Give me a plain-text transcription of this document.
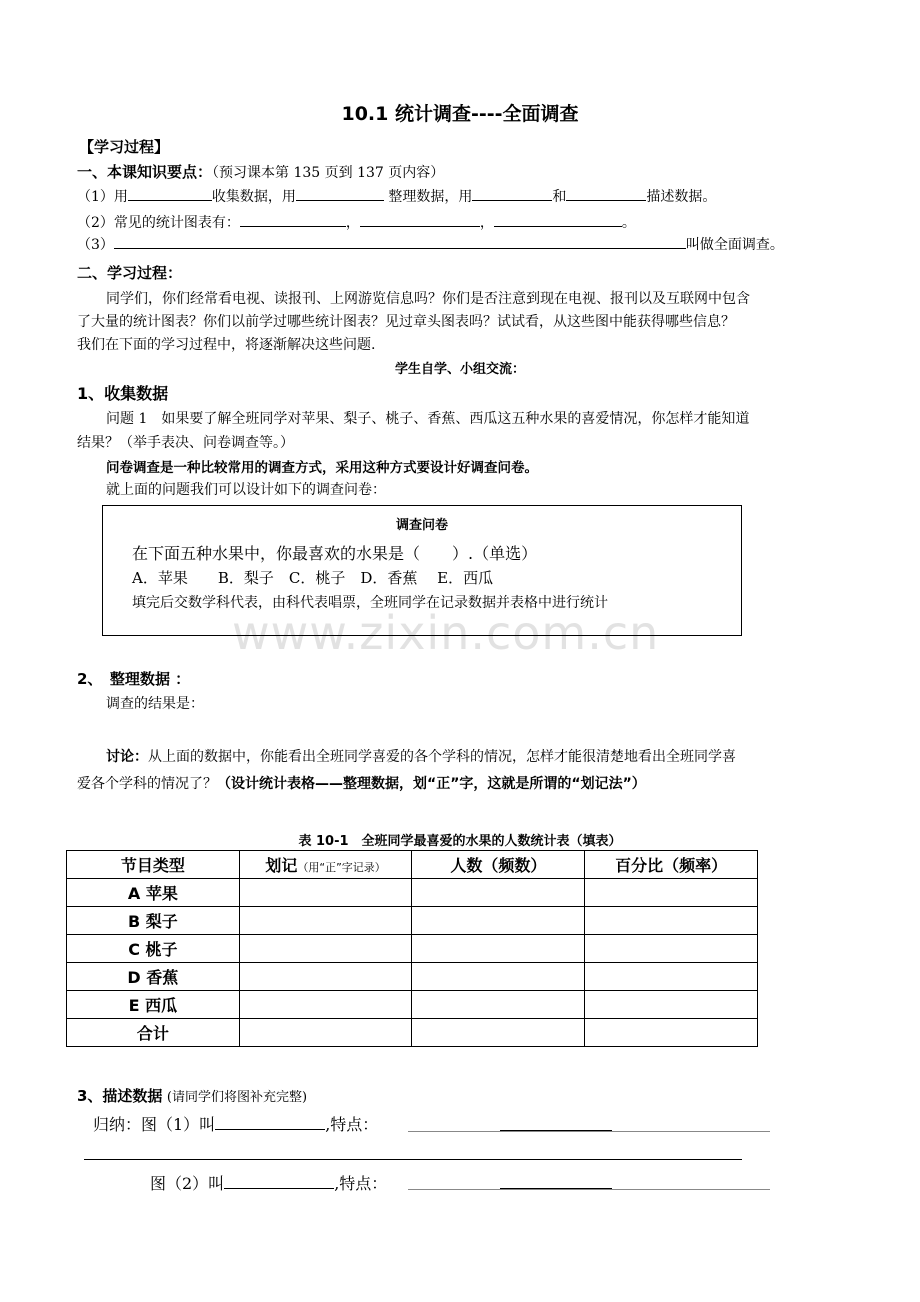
www.zixin.com.cn
10.1 统计调查----全面调查
【学习过程】
一、本课知识要点：（预习课本第 135 页到 137 页内容）
（1）用	收集数据，用	整理数据，用	和	描述数据。
（2）常见的统计图表有：	，	，	。
（3）	叫做全面调查。
二、学习过程：
同学们，你们经常看电视、读报刊、上网游览信息吗？你们是否注意到现在电视、报刊以及互联网中包含
了大量的统计图表？你们以前学过哪些统计图表？见过章头图表吗？试试看，从这些图中能获得哪些信息？
我们在下面的学习过程中，将逐渐解决这些问题.
学生自学、小组交流：
1、收集数据
问题 1　如果要了解全班同学对苹果、梨子、桃子、香蕉、西瓜这五种水果的喜爱情况，你怎样才能知道
结果？（举手表决、问卷调查等。）
问卷调查是一种比较常用的调查方式，采用这种方式要设计好调查问卷。
就上面的问题我们可以设计如下的调查问卷：
调查问卷
在下面五种水果中，你最喜欢的水果是（　　）.（单选）
A．苹果　　B．梨子　C．桃子　D．香蕉　 E．西瓜
填完后交数学科代表，由科代表唱票，全班同学在记录数据并表格中进行统计
2、　整理数据 ：
调查的结果是：
讨论：从上面的数据中，你能看出全班同学喜爱的各个学科的情况，怎样才能很清楚地看出全班同学喜
爱各个学科的情况了？（设计统计表格——整理数据，划“正”字，这就是所谓的“划记法”）
表 10-1　全班同学最喜爱的水果的人数统计表（填表）
节目类型	划记（用“正”字记录）	人数（频数）	百分比（频率）
A 苹果			
B 梨子			
C 桃子			
D 香蕉			
E 西瓜			
合计			
3、描述数据 (请同学们将图补充完整)
归纳：图（1）叫	,特点：
图（2）叫	,特点：
